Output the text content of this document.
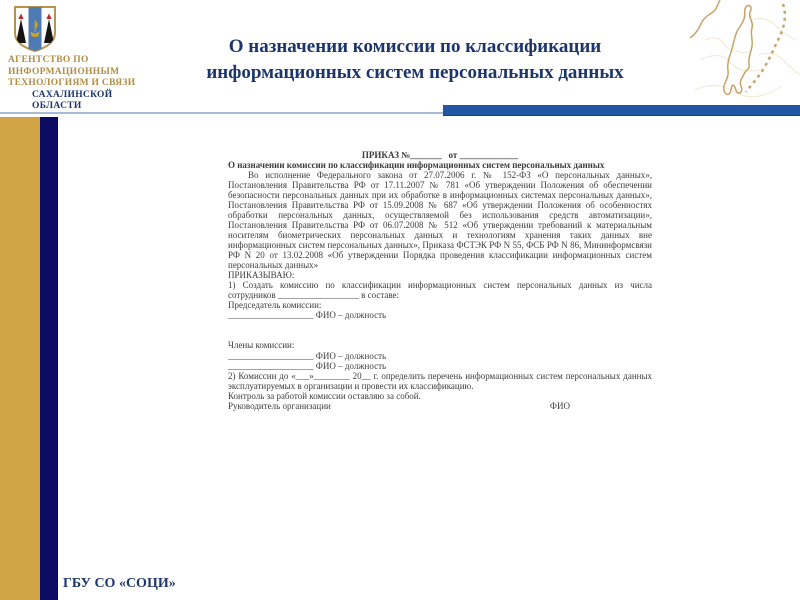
АГЕНТСТВО ПО
ИНФОРМАЦИОННЫМ
ТЕХНОЛОГИЯМ И СВЯЗИ
САХАЛИНСКОЙ
ОБЛАСТИ
О назначении комиссии по классификации
информационных систем персональных данных
ПРИКАЗ №_______   от _____________
О назначении комиссии по классификации информационных систем персональных данных

Во исполнение Федерального закона от 27.07.2006 г. № 152-ФЗ «О персональных данных», Постановления Правительства РФ от 17.11.2007 № 781 «Об утверждении Положения об обеспечении безопасности персональных данных при их обработке в информационных системах персональных данных», Постановления Правительства РФ от 15.09.2008 № 687 «Об утверждении Положения об особенностях обработки персональных данных, осуществляемой без использования средств автоматизации», Постановления Правительства РФ от 06.07.2008 № 512 «Об утверждении требований к материальным носителям биометрических персональных данных и технологиям хранения таких данных вне информационных систем персональных данных», Приказа ФСТЭК РФ N 55, ФСБ РФ N 86, Мининформсвязи РФ N 20 от 13.02.2008 «Об утверждении Порядка проведения классификации информационных систем персональных данных»

ПРИКАЗЫВАЮ:

1) Создать комиссию по классификации информационных систем персональных данных из числа сотрудников __________________ в составе:

Председатель комиссии:
___________________ ФИО – должность
Члены комиссии:
___________________ ФИО – должность
___________________ ФИО – должность

2) Комиссии до «___»________ 20__ г. определить перечень информационных систем персональных данных эксплуатируемых в организации и провести их классификацию.

Контроль за работой комиссии оставляю за собой.
Руководитель организации	ФИО
ГБУ СО «СОЦИ»
